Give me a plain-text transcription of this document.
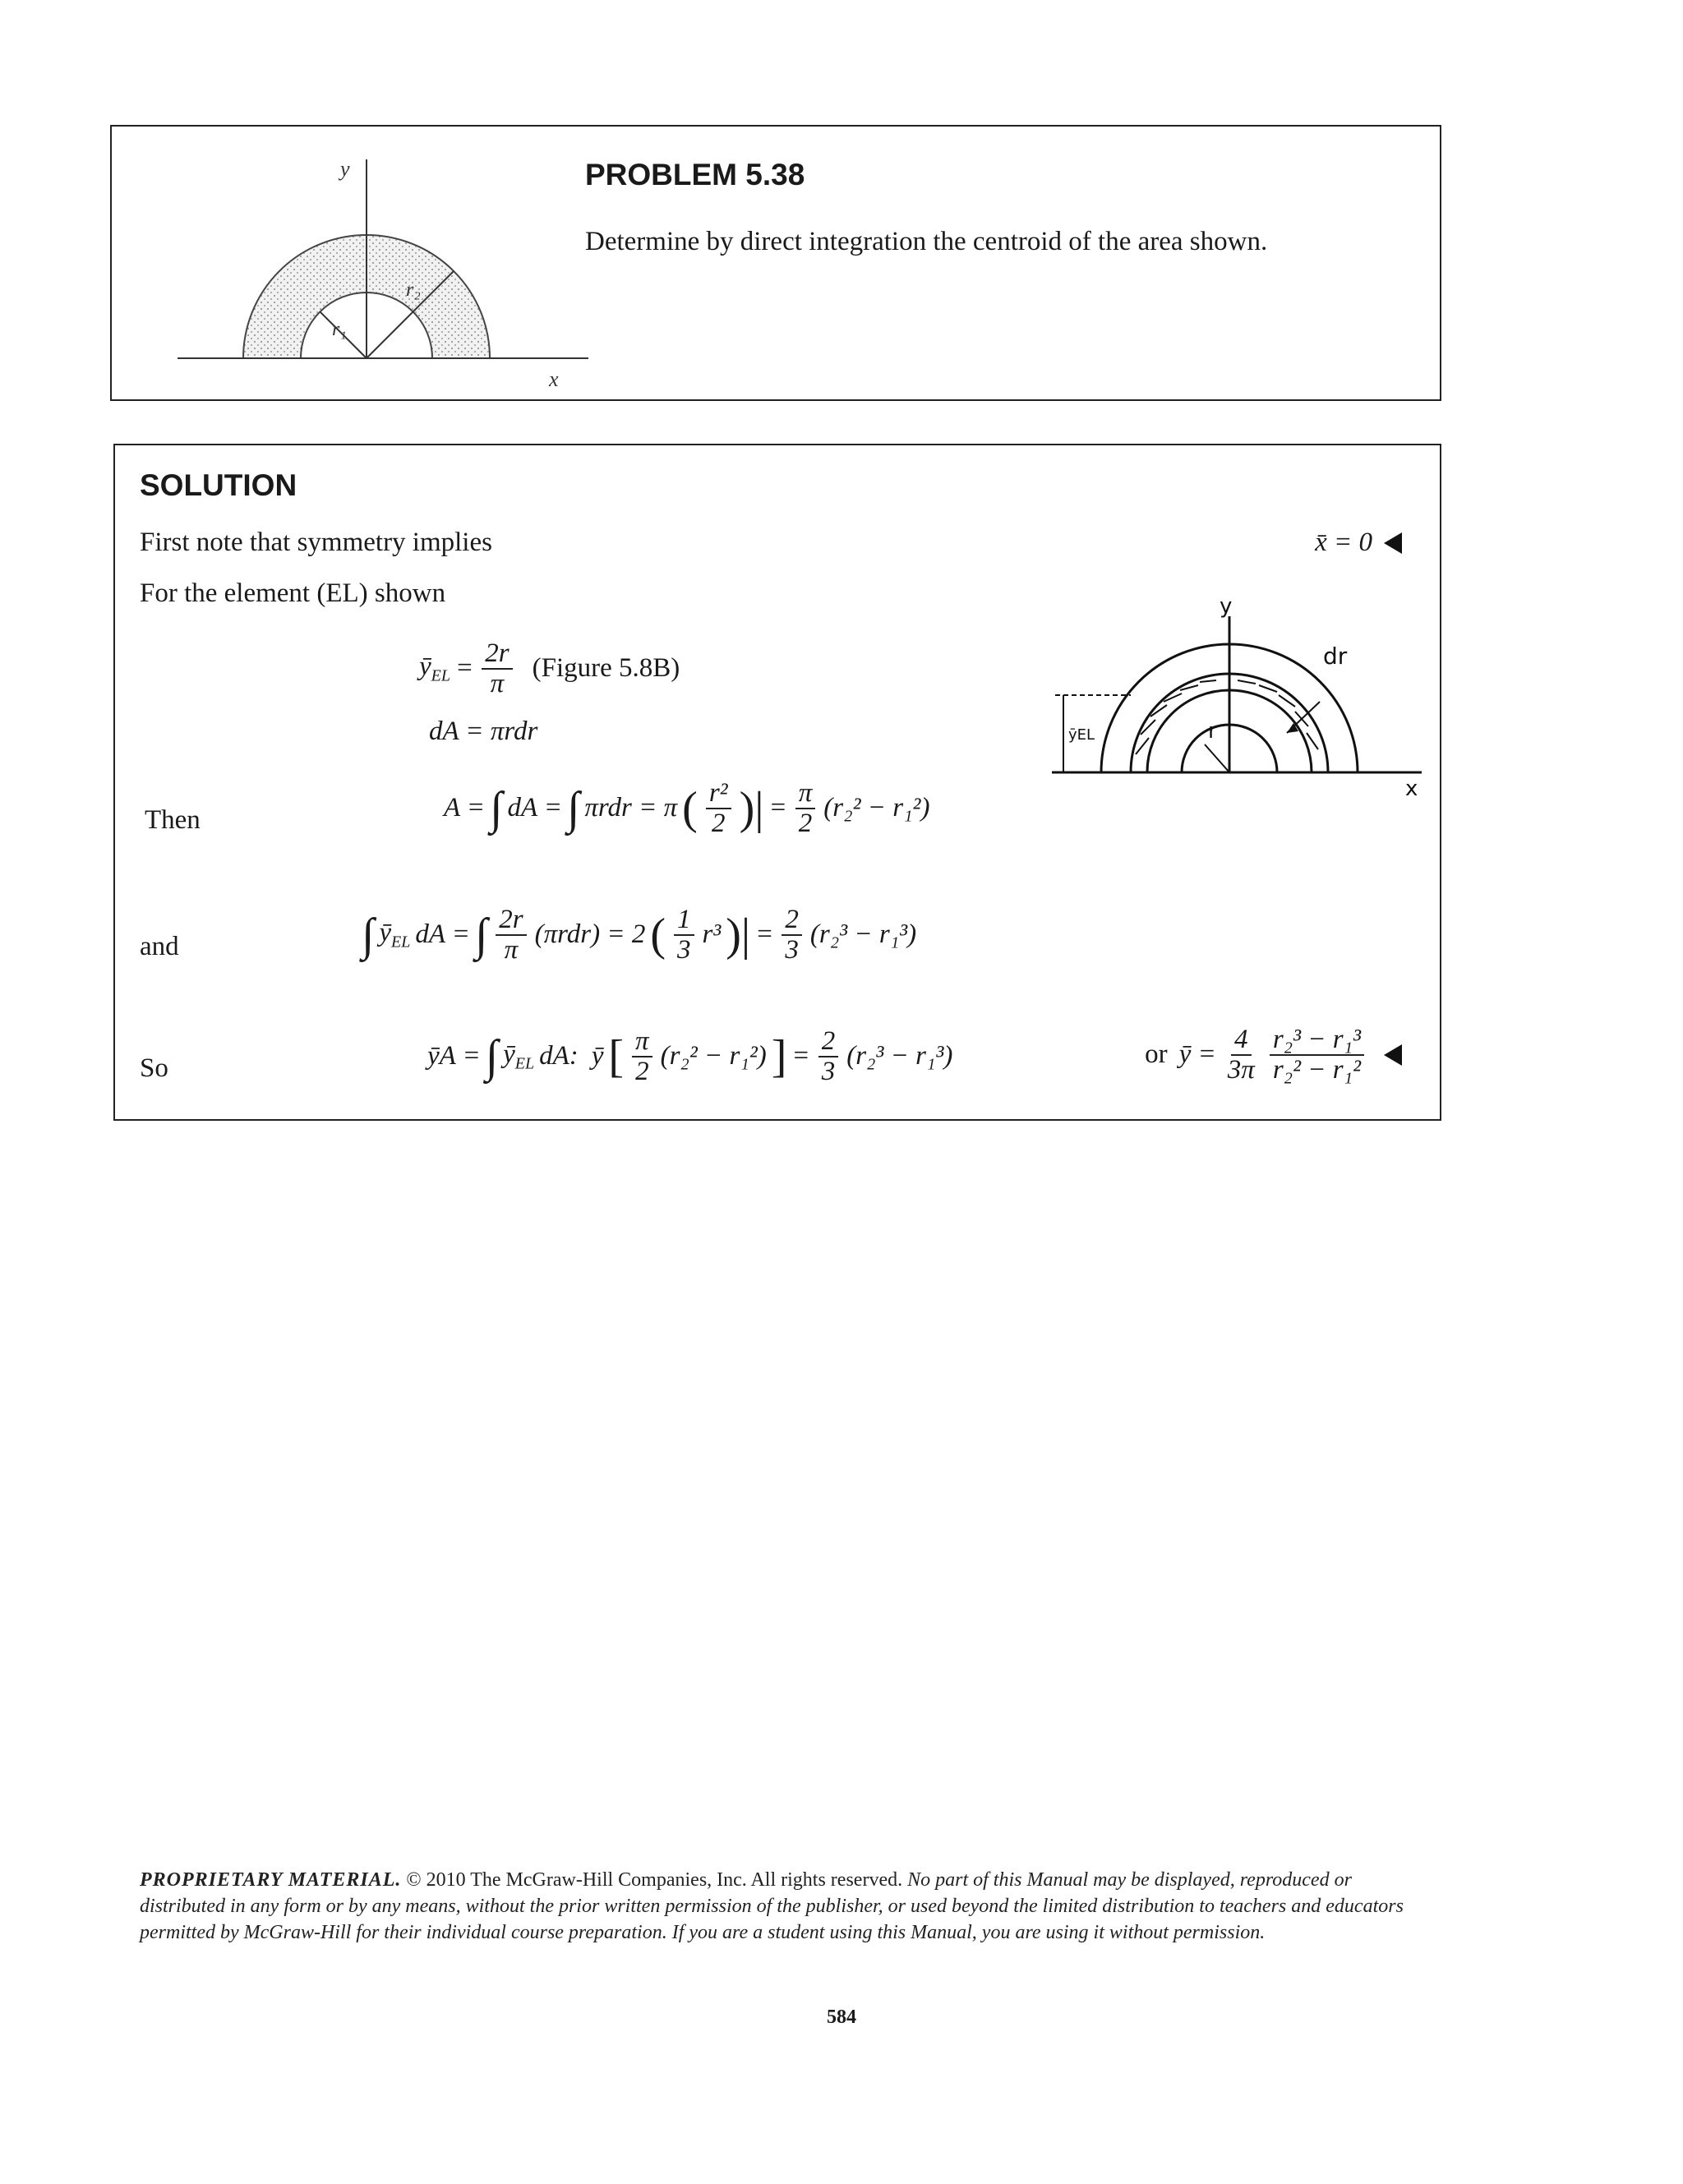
y
x
r₁
r₂
PROBLEM 5.38
Determine by direct integration the centroid of the area shown.
SOLUTION
First note that symmetry implies
For the element (EL) shown
x̄ = 0
$ȳ_{EL} = \frac{2r}{\pi}$ (Figure 5.8B)
dA = πrdr
Then	A = ∫ dA = ∫ πrdr = π ( $\frac{\text{r²}}{2}$ )| = $\frac{\pi}{2} (r_2^2 - r_1^2)$
and	∫ $ȳ_{EL}$ dA = ∫ $\frac{2r}{\pi} (\pi rdr) = 2$ ( $\frac{1}{3} r^3$ )| = $\frac{2}{3} (r_2^3 - r_1^3)$
So	ȳA = ∫ $ȳ_{EL}$ dA: ȳ [ $\frac{\pi}{2} (r_2^2 - r_1^2)$ ] = $\frac{2}{3} (r_2^3 - r_1^3)$	or ȳ = $\frac{4}{3\pi} \frac{\text{r₂³ − r₁³}}{\text{r₂² − r₁²}}$
y
x
dr
r
ȳEL
PROPRIETARY MATERIAL. © 2010 The McGraw-Hill Companies, Inc. All rights reserved. No part of this Manual may be displayed, reproduced or distributed in any form or by any means, without the prior written permission of the publisher, or used beyond the limited distribution to teachers and educators permitted by McGraw-Hill for their individual course preparation. If you are a student using this Manual, you are using it without permission.
584
